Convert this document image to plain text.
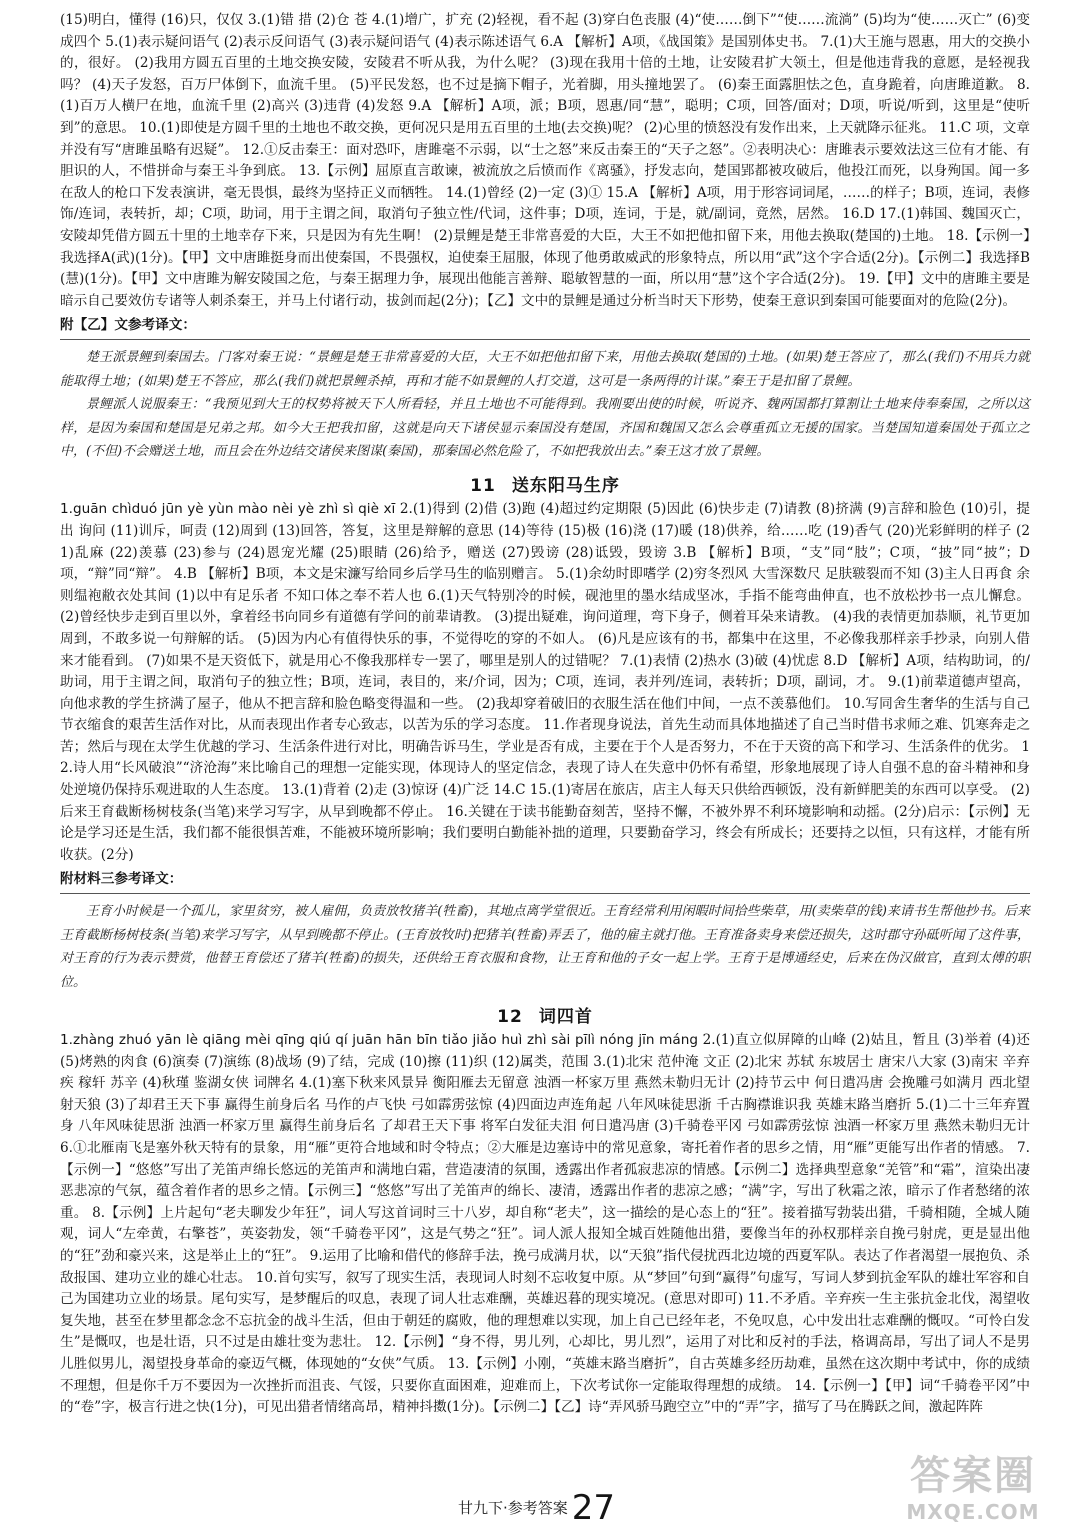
(15)明白，懂得 (16)只，仅仅 3.(1)错 措 (2)仓 苍 4.(1)增广，扩充 (2)轻视，看不起 (3)穿白色丧服 (4)“使……倒下”“使……流淌” (5)均为“使……灭亡” (6)变成四个 5.(1)表示疑问语气 (2)表示反问语气 (3)表示疑问语气 (4)表示陈述语气 6.A 【解析】A项，《战国策》是国别体史书。 7.(1)大王施与恩惠，用大的交换小的，很好。 (2)我用方圆五百里的土地交换安陵，安陵君不听从我，为什么呢？ (3)现在我用十倍的土地，让安陵君扩大领土，但是他违背我的意愿，是轻视我吗？ (4)天子发怒，百万尸体倒下，血流千里。 (5)平民发怒，也不过是摘下帽子，光着脚，用头撞地罢了。 (6)秦王面露胆怯之色，直身跪着，向唐雎道歉。 8.(1)百万人横尸在地，血流千里 (2)高兴 (3)违背 (4)发怒 9.A 【解析】A项，派；B项，恩惠/同“慧”，聪明；C项，回答/面对；D项，听说/听到，这里是“使听到”的意思。 10.(1)即使是方圆千里的土地也不敢交换，更何况只是用五百里的土地(去交换)呢？ (2)心里的愤怒没有发作出来，上天就降示征兆。 11.C 项，文章并没有写“唐雎虽略有迟疑”。 12.①反击秦王：面对恐吓，唐雎毫不示弱，以“士之怒”来反击秦王的“天子之怒”。②表明决心：唐雎表示要效法这三位有才能、有胆识的人，不惜拼命与秦王斗争到底。 13.【示例】屈原直言敢谏，被流放之后愤而作《离骚》，抒发志向，楚国郢都被攻破后，他投江而死，以身殉国。闻一多在敌人的枪口下发表演讲，毫无畏惧，最终为坚持正义而牺牲。 14.(1)曾经 (2)一定 (3)① 15.A 【解析】A项，用于形容词词尾，……的样子；B项，连词，表修饰/连词，表转折，却；C项，助词，用于主谓之间，取消句子独立性/代词，这件事；D项，连词，于是，就/副词，竟然，居然。 16.D 17.(1)韩国、魏国灭亡，安陵却凭借方圆五十里的土地幸存下来，只是因为有先生啊！ (2)景鲤是楚王非常喜爱的大臣，大王不如把他扣留下来，用他去换取(楚国的)土地。 18.【示例一】我选择A(武)(1分)。【甲】文中唐雎挺身而出使秦国，不畏强权，迫使秦王屈服，体现了他勇敢威武的形象特点，所以用“武”这个字合适(2分)。【示例二】我选择B(慧)(1分)。【甲】文中唐雎为解安陵国之危，与秦王据理力争，展现出他能言善辩、聪敏智慧的一面，所以用“慧”这个字合适(2分)。 19.【甲】文中的唐雎主要是暗示自己要效仿专诸等人刺杀秦王，并马上付诸行动，拔剑而起(2分)；【乙】文中的景鲤是通过分析当时天下形势，使秦王意识到秦国可能要面对的危险(2分)。

附【乙】文参考译文：

楚王派景鲤到秦国去。门客对秦王说：“景鲤是楚王非常喜爱的大臣，大王不如把他扣留下来，用他去换取(楚国的)土地。(如果)楚王答应了，那么(我们)不用兵力就能取得土地；(如果)楚王不答应，那么(我们)就把景鲤杀掉，再和才能不如景鲤的人打交道，这可是一条两得的计谋。”秦王于是扣留了景鲤。

景鲤派人说服秦王：“我预见到大王的权势将被天下人所看轻，并且土地也不可能得到。我刚要出使的时候，听说齐、魏两国都打算割让土地来侍奉秦国，之所以这样，是因为秦国和楚国是兄弟之邦。如今大王把我扣留，这就是向天下诸侯显示秦国没有楚国，齐国和魏国又怎么会尊重孤立无援的国家。当楚国知道秦国处于孤立之中，(不但)不会赠送土地，而且会在外边结交诸侯来图谋(秦国)，那秦国必然危险了，不如把我放出去。”秦王这才放了景鲤。

11 送东阳马生序

1.guān chìduó jūn yè yùn mào nèi yè zhì sì qiè xī 2.(1)得到 (2)借 (3)跑 (4)超过约定期限 (5)因此 (6)快步走 (7)请教 (8)挤满 (9)言辞和脸色 (10)引，提出 询问 (11)训斥，呵责 (12)周到 (13)回答，答复，这里是辩解的意思 (14)等待 (15)极 (16)浇 (17)暖 (18)供养，给……吃 (19)香气 (20)光彩鲜明的样子 (21)乱麻 (22)羡慕 (23)参与 (24)恩宠光耀 (25)眼睛 (26)给予，赠送 (27)毁谤 (28)诋毁，毁谤 3.B 【解析】B项，“支”同“肢”；C项，“披”同“披”；D项，“辩”同“辩”。 4.B 【解析】B项，本文是宋濂写给同乡后学马生的临别赠言。 5.(1)余幼时即嗜学 (2)穷冬烈风 大雪深数尺 足肤皲裂而不知 (3)主人日再食 余则缊袍敝衣处其间 (1)以中有足乐者 不知口体之奉不若人也 6.(1)天气特别冷的时候，砚池里的墨水结成坚冰，手指不能弯曲伸直，也不放松抄书一点儿懈怠。 (2)曾经快步走到百里以外，拿着经书向同乡有道德有学问的前辈请教。 (3)提出疑难，询问道理，弯下身子，侧着耳朵来请教。 (4)我的表情更加恭顺，礼节更加周到，不敢多说一句辩解的话。 (5)因为内心有值得快乐的事，不觉得吃的穿的不如人。 (6)凡是应该有的书，都集中在这里，不必像我那样亲手抄录，向别人借来才能看到。 (7)如果不是天资低下，就是用心不像我那样专一罢了，哪里是别人的过错呢？ 7.(1)表情 (2)热水 (3)破 (4)忧虑 8.D 【解析】A项，结构助词，的/助词，用于主谓之间，取消句子的独立性；B项，连词，表目的，来/介词，因为；C项，连词，表并列/连词，表转折；D项，副词，才。 9.(1)前辈道德声望高，向他求教的学生挤满了屋子，他从不把言辞和脸色略变得温和一些。 (2)我却穿着破旧的衣服生活在他们中间，一点不羡慕他们。 10.写同舍生奢华的生活与自己节衣缩食的艰苦生活作对比，从而表现出作者专心致志，以苦为乐的学习态度。 11.作者现身说法，首先生动而具体地描述了自己当时借书求师之难、饥寒奔走之苦；然后与现在太学生优越的学习、生活条件进行对比，明确告诉马生，学业是否有成，主要在于个人是否努力，不在于天资的高下和学习、生活条件的优劣。 12.诗人用“长风破浪”“济沧海”来比喻自己的理想一定能实现，体现诗人的坚定信念，表现了诗人在失意中仍怀有希望，形象地展现了诗人自强不息的奋斗精神和身处逆境仍保持乐观进取的人生态度。 13.(1)背着 (2)走 (3)惊讶 (4)广泛 14.C 15.(1)寄居在旅店，店主人每天只供给西顿饭，没有新鲜肥美的东西可以享受。 (2)后来王育截断杨树枝条(当笔)来学习写字，从早到晚都不停止。 16.关键在于读书能勤奋刻苦，坚持不懈，不被外界不利环境影响和动摇。(2分)启示：【示例】无论是学习还是生活，我们都不能很惧苦难，不能被环境所影响；我们要明白勤能补拙的道理，只要勤奋学习，终会有所成长；还要持之以恒，只有这样，才能有所收获。(2分)

附材料三参考译文：

王育小时候是一个孤儿，家里贫穷，被人雇佣，负责放牧猪羊(牲畜)，其地点离学堂很近。王育经常利用闲暇时间拾些柴草，用(卖柴草的钱)来请书生帮他抄书。后来王育截断杨树枝条(当笔)来学习写字，从早到晚都不停止。(王育放牧时)把猪羊(牲畜)弄丢了，他的雇主就打他。王育准备卖身来偿还损失，这时郡守孙砥听闻了这件事，对王育的行为表示赞赏，他替王育偿还了猪羊(牲畜)的损失，还供给王育衣服和食物，让王育和他的子女一起上学。王育于是博通经史，后来在伪汉做官，直到太傅的职位。

12 词四首

1.zhàng zhuó yān lè qiāng mèi qīng qiú qí juān hān bīn tiǎo jiǎo huì zhì sài pīlì nóng jīn máng 2.(1)直立似屏障的山峰 (2)姑且，暂且 (3)举着 (4)还 (5)烤熟的肉食 (6)演奏 (7)演练 (8)战场 (9)了结，完成 (10)擦 (11)织 (12)属类，范围 3.(1)北宋 范仲淹 文正 (2)北宋 苏轼 东坡居士 唐宋八大家 (3)南宋 辛弃疾 稼轩 苏辛 (4)秋瑾 鉴湖女侠 词牌名 4.(1)塞下秋来风景异 衡阳雁去无留意 浊酒一杯家万里 燕然未勒归无计 (2)持节云中 何日遣冯唐 会挽雕弓如满月 西北望 射天狼 (3)了却君王天下事 赢得生前身后名 马作的卢飞快 弓如霹雳弦惊 (4)四面边声连角起 八年风味徒思浙 千古胸襟谁识我 英雄末路当磨折 5.(1)二十三年弃置身 八年风味徒思浙 浊酒一杯家万里 赢得生前身后名 了却君王天下事 将军白发征夫泪 何日遣冯唐 (3)千骑卷平冈 弓如霹雳弦惊 浊酒一杯家万里 燕然未勒归无计 6.①北雁南飞是塞外秋天特有的景象，用“雁”更符合地域和时令特点；②大雁是边塞诗中的常见意象，寄托着作者的思乡之情，用“雁”更能写出作者的情感。 7.【示例一】“悠悠”写出了羌笛声绵长悠远的羌笛声和满地白霜，营造凄清的氛围，透露出作者孤寂悲凉的情感。【示例二】选择典型意象“羌管”和“霜”，渲染出凄恶悲凉的气氛，蕴含着作者的思乡之情。【示例三】“悠悠”写出了羌笛声的绵长、凄清，透露出作者的悲凉之感；“满”字，写出了秋霜之浓，暗示了作者愁绪的浓重。 8.【示例】上片起句“老夫聊发少年狂”，词人写这首词时三十八岁，却自称“老夫”，这一描绘的是心态上的“狂”。接着描写勃装出猎，千骑相随，全城人随观，词人“左牵黄，右擎苍”，英姿勃发，领“千骑卷平冈”，这是气势之“狂”。词人派人报知全城百姓随他出猎，要像当年的孙权那样亲自挽弓射虎，更是显出他的“狂”劲和豪兴来，这是举止上的“狂”。 9.运用了比喻和借代的修辞手法，挽弓成满月状，以“天狼”指代侵扰西北边境的西夏军队。表达了作者渴望一展抱负、杀敌报国、建功立业的雄心壮志。 10.首句实写，叙写了现实生活，表现词人时刻不忘收复中原。从“梦回”句到“赢得”句虚写，写词人梦到抗金军队的雄壮军容和自己为国建功立业的场景。尾句实写，是梦醒后的叹息，表现了词人壮志难酬，英雄迟暮的现实境况。(意思对即可) 11.不矛盾。辛弃疾一生主张抗金北伐，渴望收复失地，甚至在梦里都念念不忘抗金的战斗生活，但由于朝廷的腐败，他的理想难以实现，加上自己已经年老，不免叹息，心中发出壮志难酬的慨叹。“可怜白发生”是慨叹，也是壮语，只不过是由雄壮变为悲壮。 12.【示例】“身不得，男儿列，心却比，男儿烈”，运用了对比和反衬的手法，格调高昂，写出了词人不是男儿胜似男儿，渴望投身革命的豪迈气概，体现她的“女侠”气质。 13.【示例】小刚，“英雄末路当磨折”，自古英雄多经历劫难，虽然在这次期中考试中，你的成绩不理想，但是你千万不要因为一次挫折而沮丧、气馁，只要你直面困难，迎难而上，下次考试你一定能取得理想的成绩。 14.【示例一】【甲】词“千骑卷平冈”中的“卷”字，极言行进之快(1分)，可见出猎者情绪高昂，精神抖擞(1分)。【示例二】【乙】诗“弄风骄马跑空立”中的“弄”字，描写了马在腾跃之间，激起阵阵

甘九下·参考答案 27
答案圈
MXQE.COM
